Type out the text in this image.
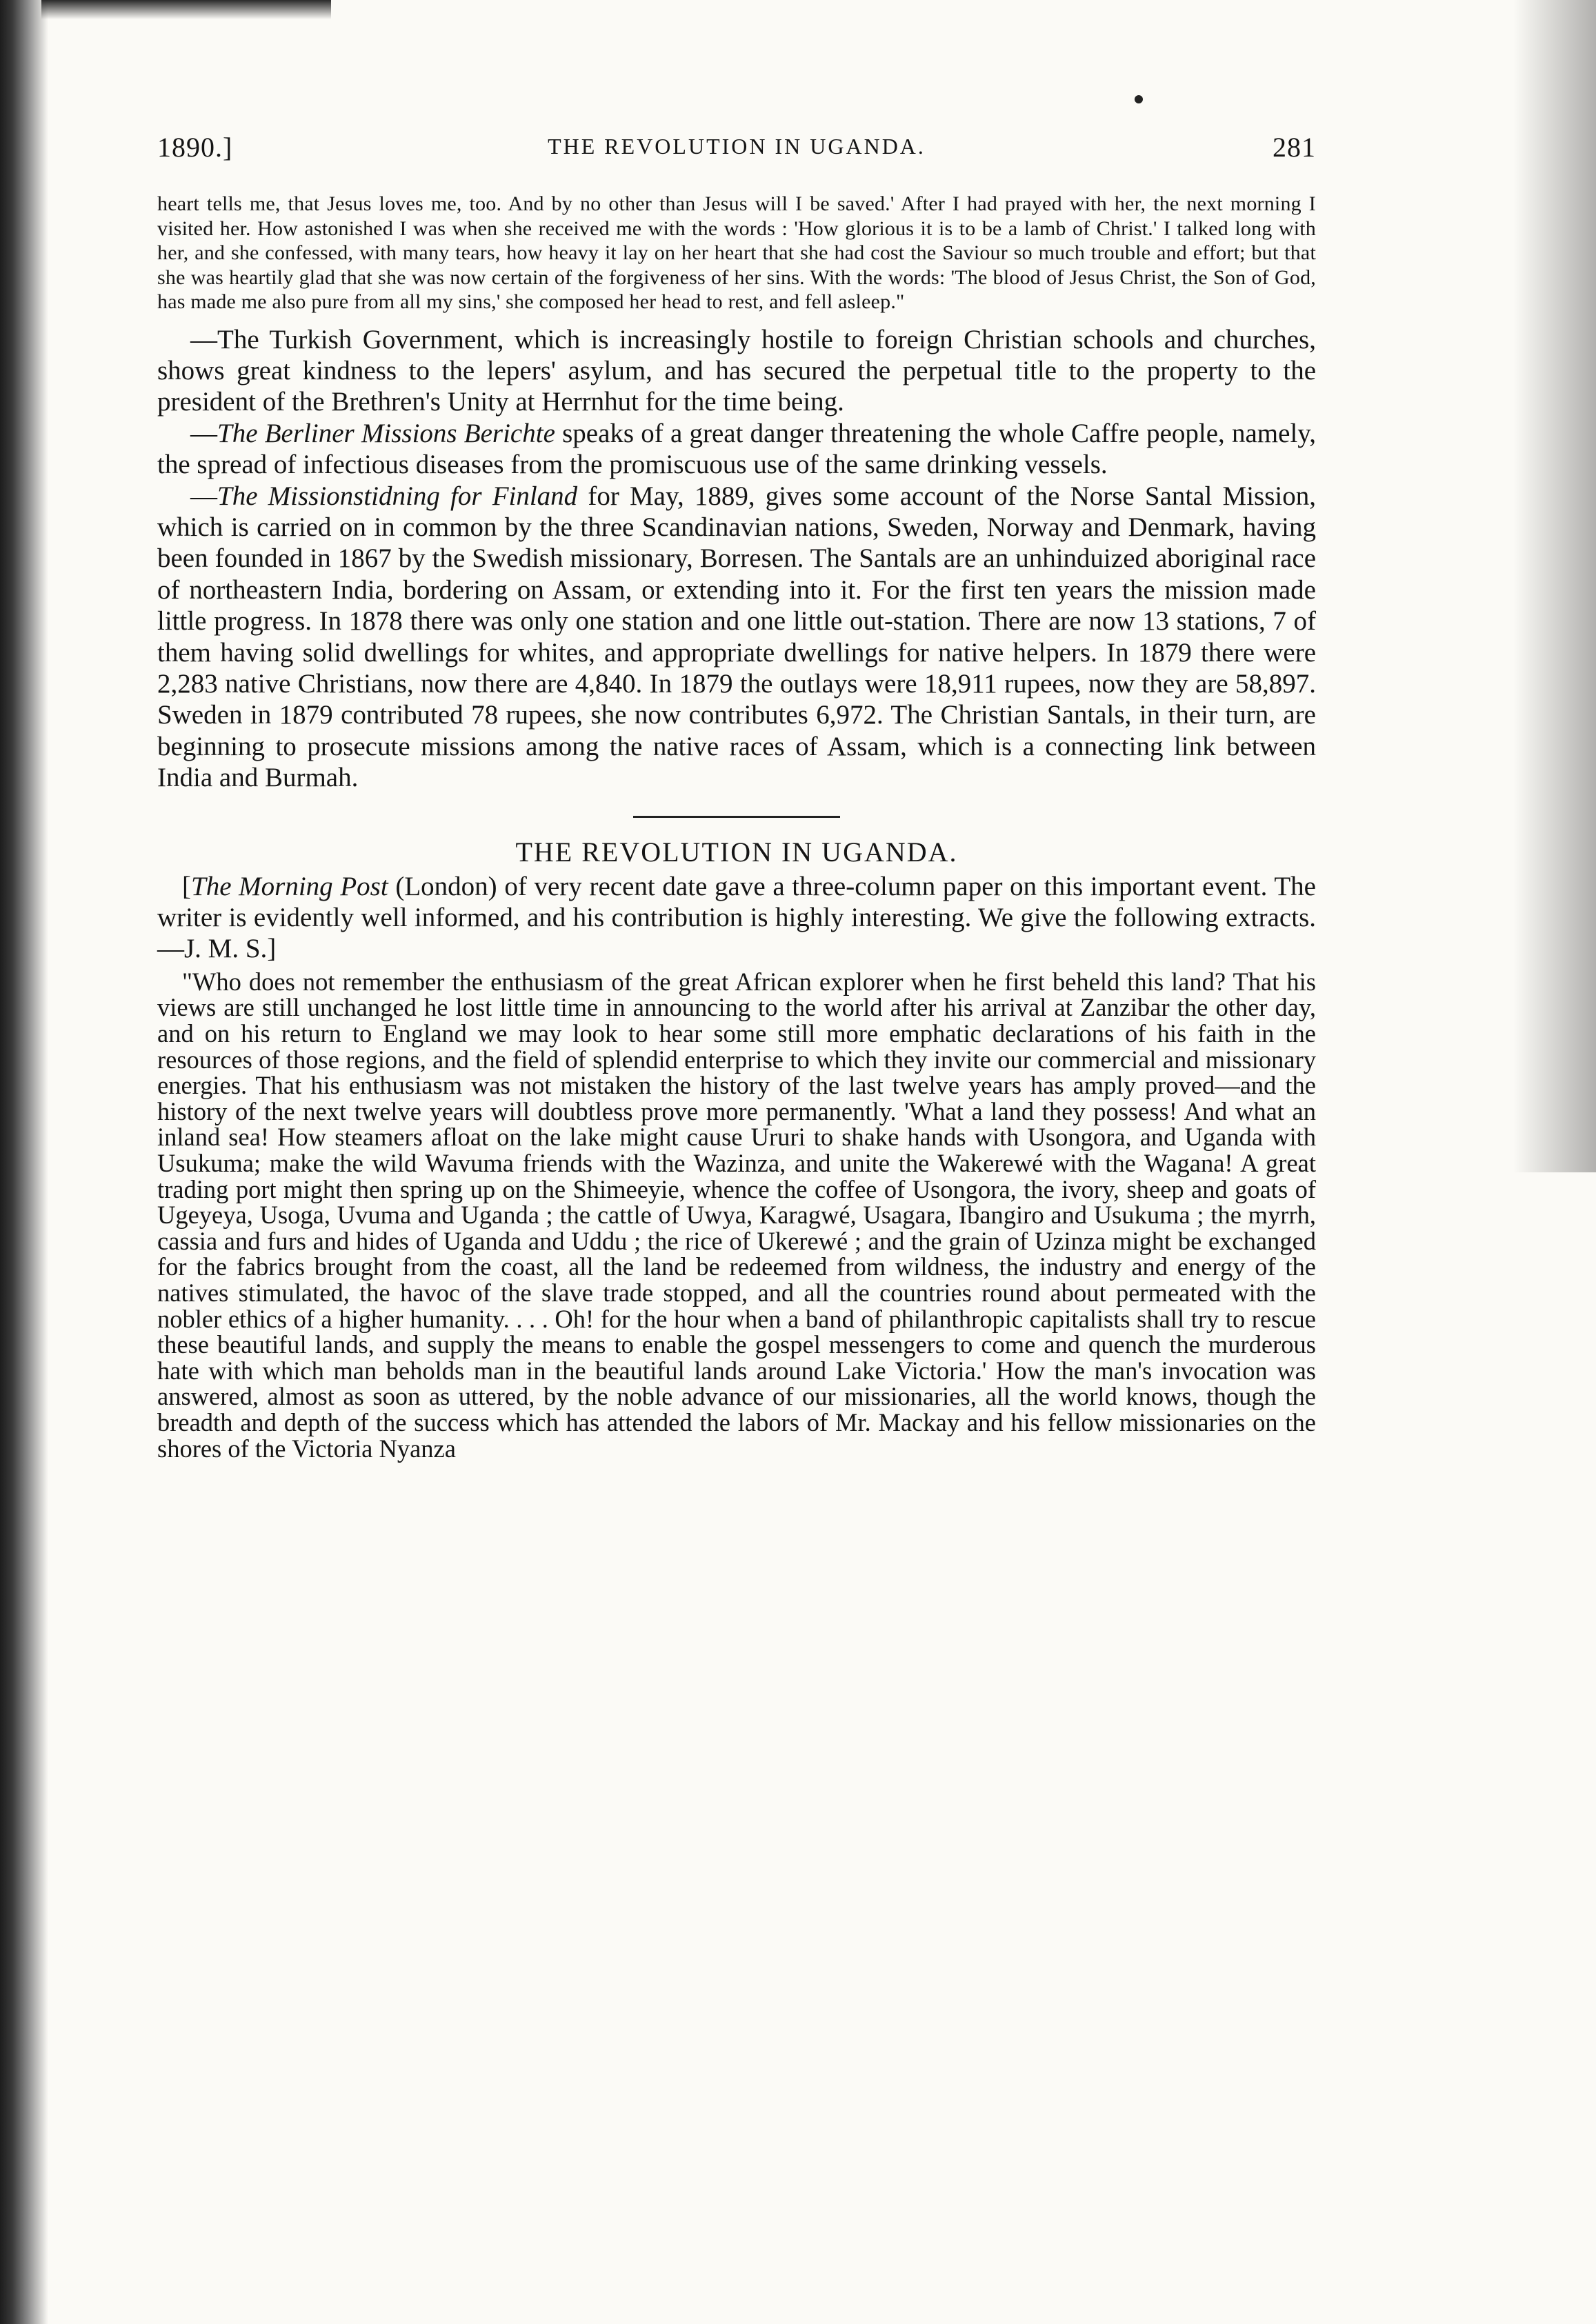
1890.]	THE REVOLUTION IN UGANDA.	281

heart tells me, that Jesus loves me, too. And by no other than Jesus will I be saved.' After I had prayed with her, the next morning I visited her. How astonished I was when she received me with the words : 'How glorious it is to be a lamb of Christ.' I talked long with her, and she confessed, with many tears, how heavy it lay on her heart that she had cost the Saviour so much trouble and effort; but that she was heartily glad that she was now certain of the forgiveness of her sins. With the words: 'The blood of Jesus Christ, the Son of God, has made me also pure from all my sins,' she composed her head to rest, and fell asleep."

—The Turkish Government, which is increasingly hostile to foreign Christian schools and churches, shows great kindness to the lepers' asylum, and has secured the perpetual title to the property to the president of the Brethren's Unity at Herrnhut for the time being.

—The Berliner Missions Berichte speaks of a great danger threatening the whole Caffre people, namely, the spread of infectious diseases from the promiscuous use of the same drinking vessels.

—The Missionstidning for Finland for May, 1889, gives some account of the Norse Santal Mission, which is carried on in common by the three Scandinavian nations, Sweden, Norway and Denmark, having been founded in 1867 by the Swedish missionary, Borresen. The Santals are an unhinduized aboriginal race of northeastern India, bordering on Assam, or extending into it. For the first ten years the mission made little progress. In 1878 there was only one station and one little out-station. There are now 13 stations, 7 of them having solid dwellings for whites, and appropriate dwellings for native helpers. In 1879 there were 2,283 native Christians, now there are 4,840. In 1879 the outlays were 18,911 rupees, now they are 58,897. Sweden in 1879 contributed 78 rupees, she now contributes 6,972. The Christian Santals, in their turn, are beginning to prosecute missions among the native races of Assam, which is a connecting link between India and Burmah.

THE REVOLUTION IN UGANDA.

[The Morning Post (London) of very recent date gave a three-column paper on this important event. The writer is evidently well informed, and his contribution is highly interesting. We give the following extracts.—J. M. S.]

"Who does not remember the enthusiasm of the great African explorer when he first beheld this land? That his views are still unchanged he lost little time in announcing to the world after his arrival at Zanzibar the other day, and on his return to England we may look to hear some still more emphatic declarations of his faith in the resources of those regions, and the field of splendid enterprise to which they invite our commercial and missionary energies. That his enthusiasm was not mistaken the history of the last twelve years has amply proved—and the history of the next twelve years will doubtless prove more permanently. 'What a land they possess! And what an inland sea! How steamers afloat on the lake might cause Ururi to shake hands with Usongora, and Uganda with Usukuma; make the wild Wavuma friends with the Wazinza, and unite the Wakerewé with the Wagana! A great trading port might then spring up on the Shimeeyie, whence the coffee of Usongora, the ivory, sheep and goats of Ugeyeya, Usoga, Uvuma and Uganda ; the cattle of Uwya, Karagwé, Usagara, Ibangiro and Usukuma ; the myrrh, cassia and furs and hides of Uganda and Uddu ; the rice of Ukerewé ; and the grain of Uzinza might be exchanged for the fabrics brought from the coast, all the land be redeemed from wildness, the industry and energy of the natives stimulated, the havoc of the slave trade stopped, and all the countries round about permeated with the nobler ethics of a higher humanity. . . . Oh! for the hour when a band of philanthropic capitalists shall try to rescue these beautiful lands, and supply the means to enable the gospel messengers to come and quench the murderous hate with which man beholds man in the beautiful lands around Lake Victoria.' How the man's invocation was answered, almost as soon as uttered, by the noble advance of our missionaries, all the world knows, though the breadth and depth of the success which has attended the labors of Mr. Mackay and his fellow missionaries on the shores of the Victoria Nyanza
